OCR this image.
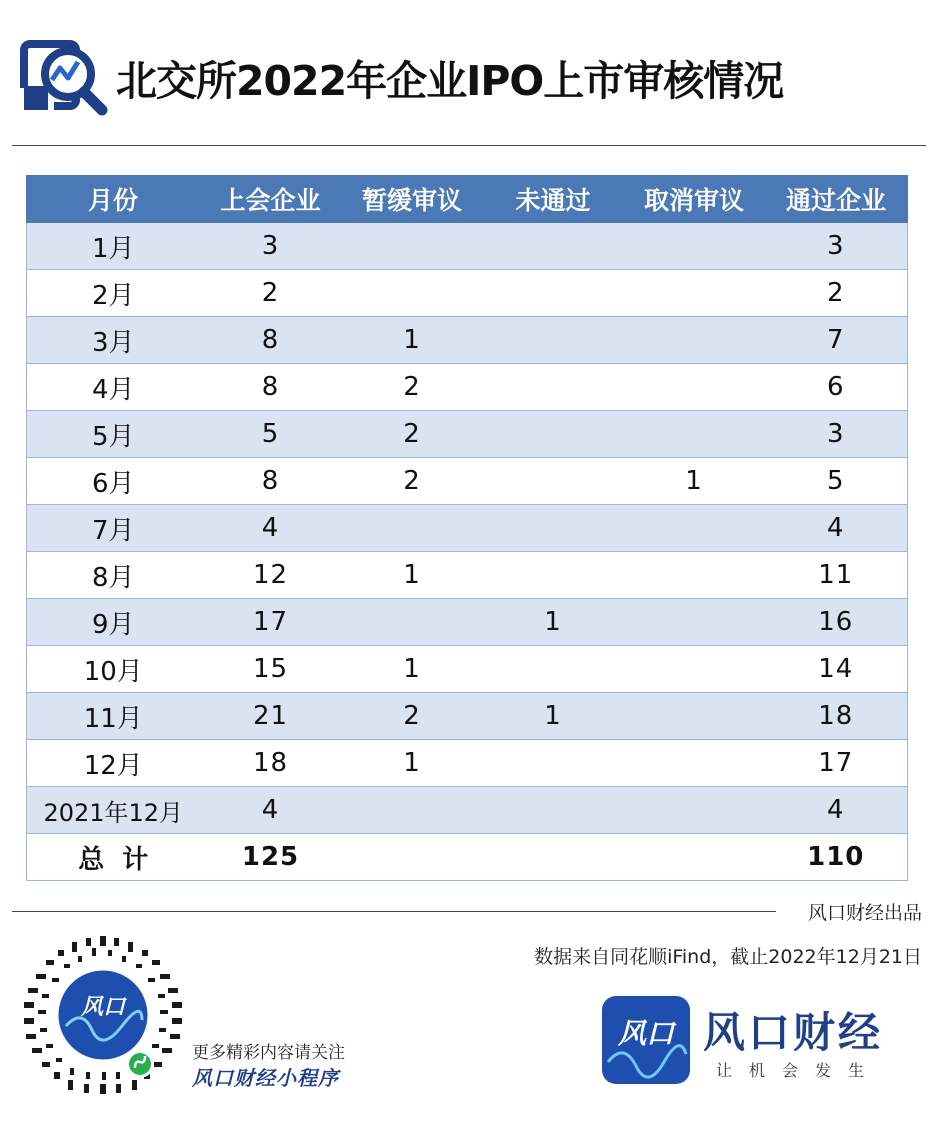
北交所2022年企业IPO上市审核情况
月份	上会企业	暂缓审议	未通过	取消审议	通过企业
1月	3				3
2月	2				2
3月	8	1			7
4月	8	2			6
5月	5	2			3
6月	8	2		1	5
7月	4				4
8月	12	1			11
9月	17		1		16
10月	15	1			14
11月	21	2	1		18
12月	18	1			17
2021年12月	4				4
总  计	125				110
风口财经出品
数据来自同花顺iFind，截止2022年12月21日
风口
更多精彩内容请关注
风口财经小程序
风口 风口财经
让机会发生
